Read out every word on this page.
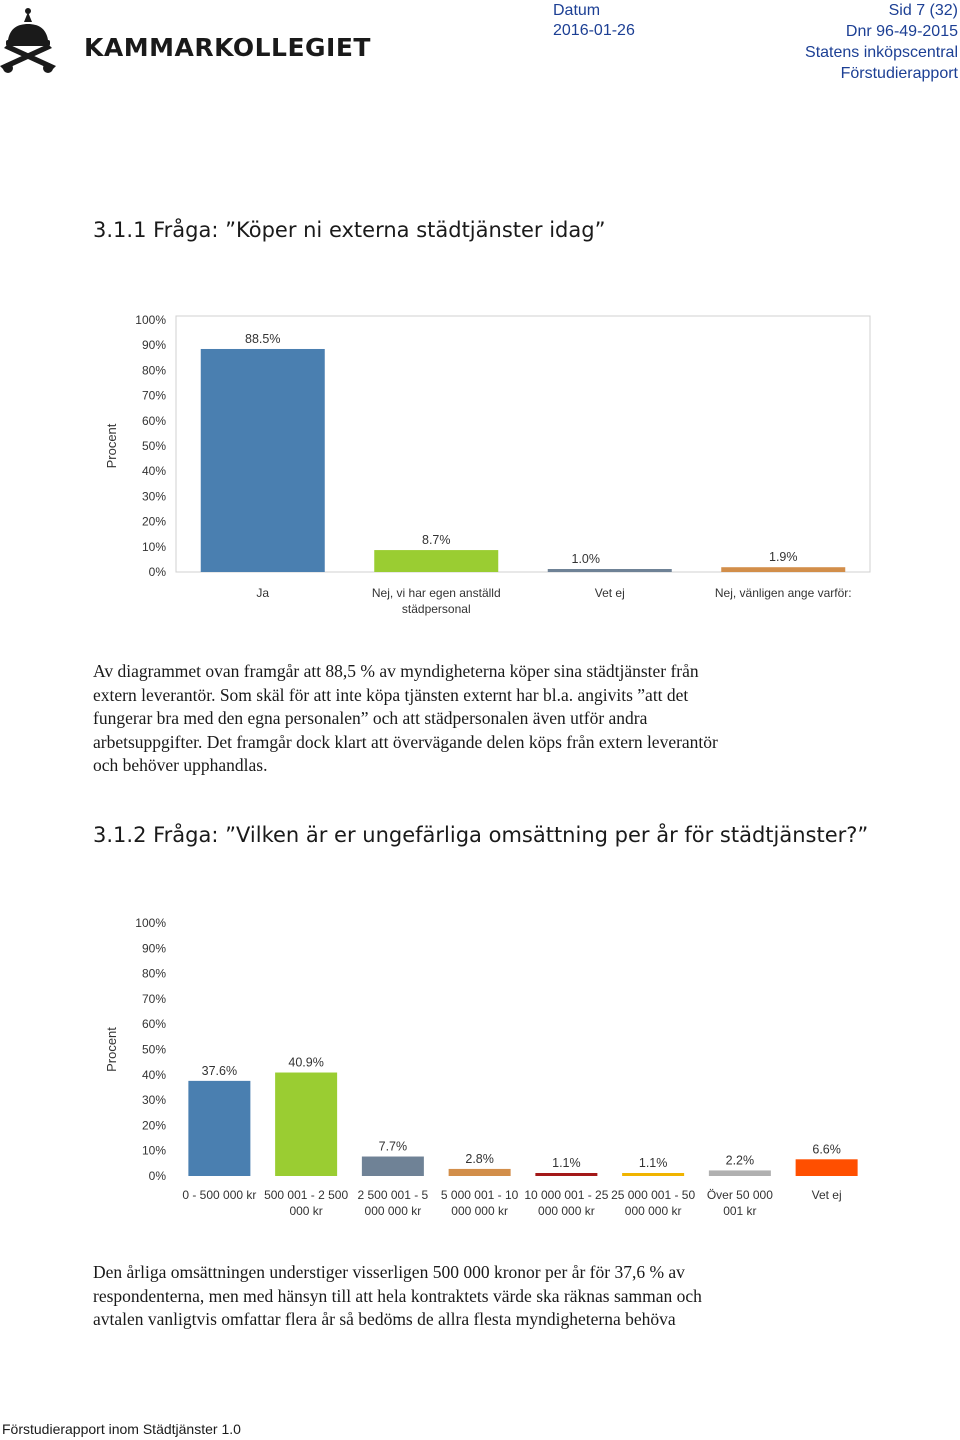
KAMMARKOLLEGIET
Datum
2016-01-26
Sid 7 (32)
Dnr 96-49-2015
Statens inköpscentral
Förstudierapport
3.1.1 Fråga: ”Köper ni externa städtjänster idag”
Procent
0%
10%
20%
30%
40%
50%
60%
70%
80%
90%
100%
88.5%
Ja
8.7%
Nej, vi har egen anställd
städpersonal
1.0%
Vet ej
1.9%
Nej, vänligen ange varför:
Av diagrammet ovan framgår att 88,5 % av myndigheterna köper sina städtjänster från
extern leverantör. Som skäl för att inte köpa tjänsten externt har bl.a. angivits ”att det
fungerar bra med den egna personalen” och att städpersonalen även utför andra
arbetsuppgifter. Det framgår dock klart att övervägande delen köps från extern leverantör
och behöver upphandlas.
3.1.2 Fråga: ”Vilken är er ungefärliga omsättning per år för städtjänster?”
Procent
0%
10%
20%
30%
40%
50%
60%
70%
80%
90%
100%
37.6%
0 - 500 000 kr
40.9%
500 001 - 2 500
000 kr
7.7%
2 500 001 - 5
000 000 kr
2.8%
5 000 001 - 10
000 000 kr
1.1%
10 000 001 - 25
000 000 kr
1.1%
25 000 001 - 50
000 000 kr
2.2%
Över 50 000
001 kr
6.6%
Vet ej
Den årliga omsättningen understiger visserligen 500 000 kronor per år för 37,6 % av
respondenterna, men med hänsyn till att hela kontraktets värde ska räknas samman och
avtalen vanligtvis omfattar flera år så bedöms de allra flesta myndigheterna behöva
Förstudierapport inom Städtjänster 1.0
